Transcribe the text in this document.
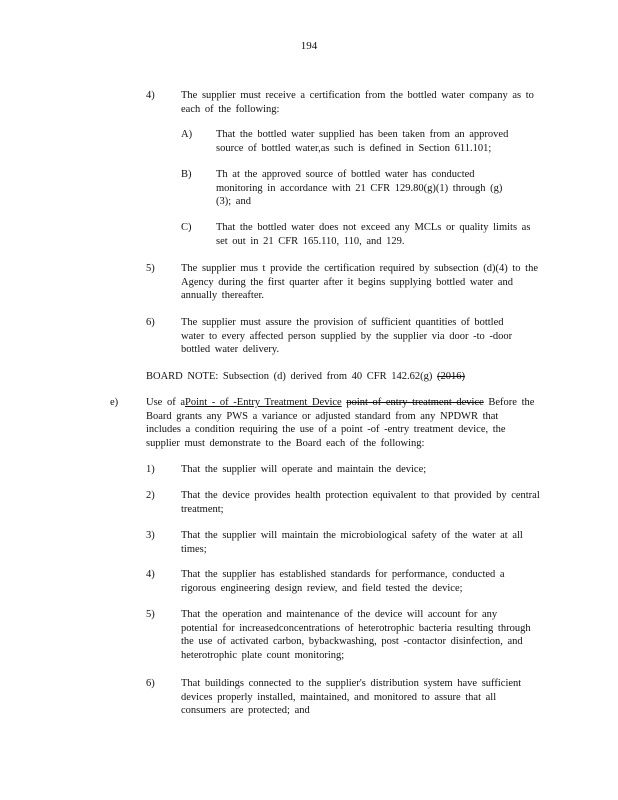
194
4)	The supplier must receive a certification from the bottled water company as to each of the following:
A) That the bottled water supplied has been taken from an approved source of bottled water,as such is defined in Section 611.101;
B) Th at the approved source of bottled water has conducted monitoring in accordance with 21 CFR 129.80(g)(1) through (g)(3); and
C) That the bottled water does not exceed any MCLs or quality limits as set out in 21 CFR 165.110, 110, and 129.
5)	The supplier mus t provide the certification required by subsection (d)(4) to the Agency during the first quarter after it begins supplying bottled water and annually thereafter.
6)	The supplier must assure the provision of sufficient quantities of bottled water to every affected person supplied by the supplier via door -to -door bottled water delivery.
BOARD NOTE: Subsection (d) derived from 40 CFR 142.62(g) (2016)
e)	Use of aPoint - of -Entry Treatment Device point of entry treatment device Before the Board grants any PWS a variance or adjusted standard from any NPDWR that includes a condition requiring the use of a point -of -entry treatment device, the supplier must demonstrate to the Board each of the following:
1)	That the supplier will operate and maintain the device;
2)	That the device provides health protection equivalent to that provided by central treatment;
3)	That the supplier will maintain the microbiological safety of the water at all times;
4)	That the supplier has established standards for performance, conducted a rigorous engineering design review, and field tested the device;
5)	That the operation and maintenance of the device will account for any potential for increasedconcentrations of heterotrophic bacteria resulting through the use of activated carbon, bybackwashing, post -contactor disinfection, and heterotrophic plate count monitoring;
6)	That buildings connected to the supplier's distribution system have sufficient devices properly installed, maintained, and monitored to assure that all consumers are protected; and
